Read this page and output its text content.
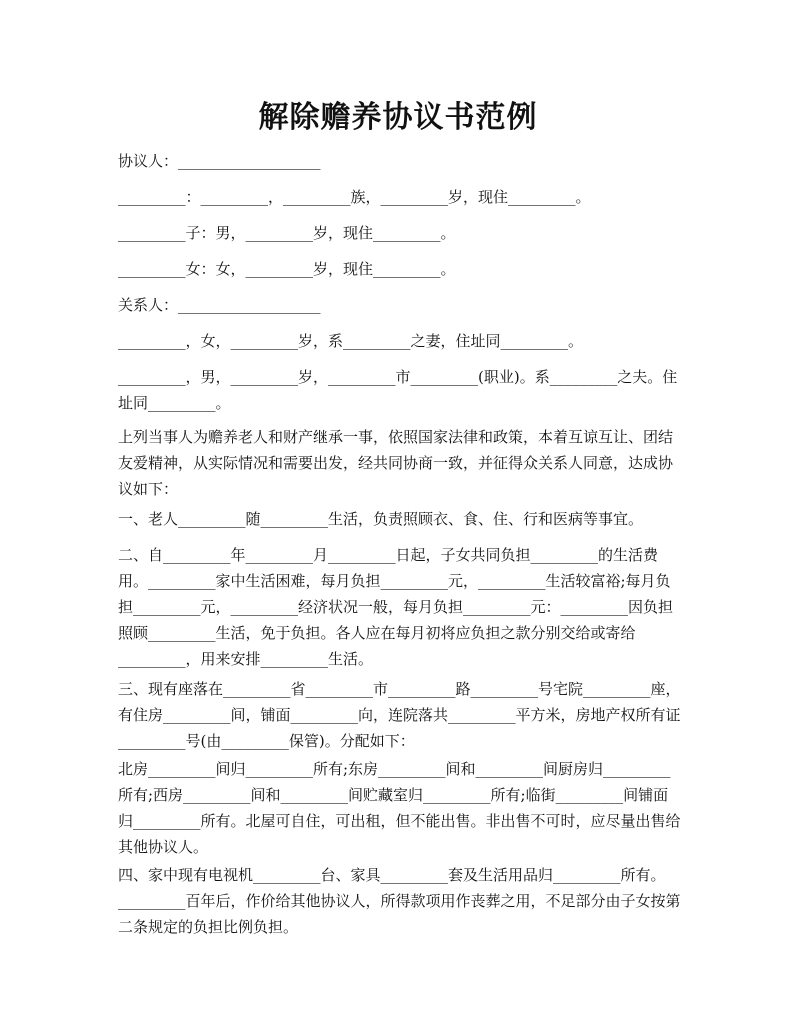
解除赡养协议书范例
协议人：___________________
_________：_________，_________族，_________岁，现住_________。
_________子：男，_________岁，现住_________。
_________女：女，_________岁，现住_________。
关系人：___________________
_________，女，_________岁，系_________之妻，住址同_________。
_________，男，_________岁，_________市_________(职业)。系_________之夫。住址同_________。
上列当事人为赡养老人和财产继承一事，依照国家法律和政策，本着互谅互让、团结友爱精神，从实际情况和需要出发，经共同协商一致，并征得众关系人同意，达成协议如下：
一、老人_________随_________生活，负责照顾衣、食、住、行和医病等事宜。
二、自_________年_________月_________日起，子女共同负担_________的生活费用。_________家中生活困难，每月负担_________元，_________生活较富裕;每月负担_________元，_________经济状况一般，每月负担_________元：_________因负担照顾_________生活，免于负担。各人应在每月初将应负担之款分别交给或寄给_________，用来安排_________生活。
三、现有座落在_________省_________市_________路_________号宅院_________座，有住房_________间，铺面_________向，连院落共_________平方米，房地产权所有证_________号(由_________保管)。分配如下：
北房_________间归_________所有;东房_________间和_________间厨房归_________所有;西房_________间和_________间贮藏室归_________所有;临街_________间铺面归_________所有。北屋可自住，可出租，但不能出售。非出售不可时，应尽量出售给其他协议人。
四、家中现有电视机_________台、家具_________套及生活用品归_________所有。_________百年后，作价给其他协议人，所得款项用作丧葬之用，不足部分由子女按第二条规定的负担比例负担。
